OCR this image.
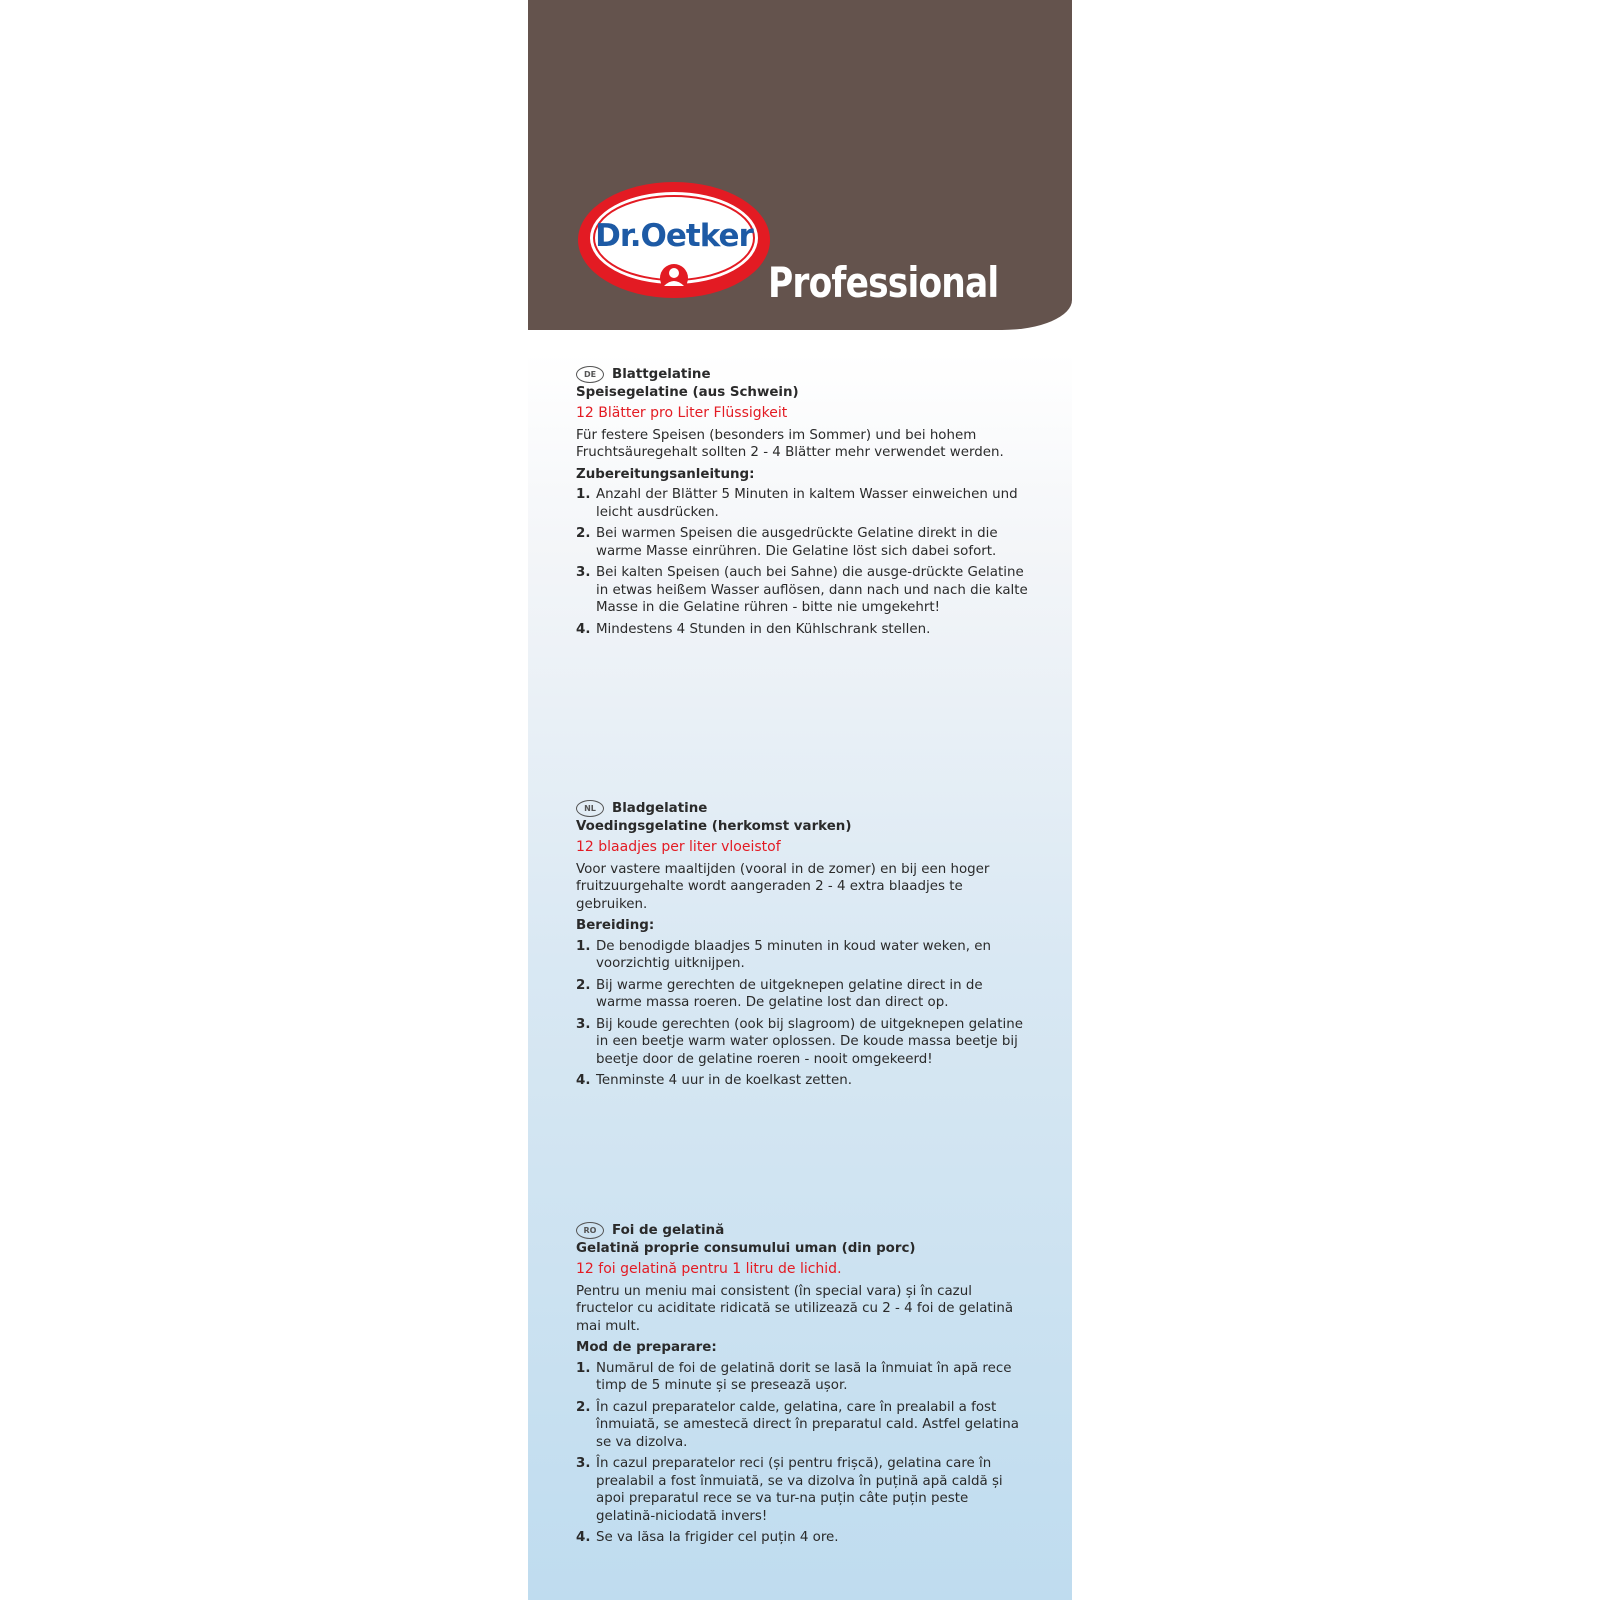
Dr.Oetker
Professional
DE	Blattgelatine
Speisegelatine (aus Schwein)
12 Blätter pro Liter Flüssigkeit
Für festere Speisen (besonders im Sommer) und bei hohem Fruchtsäuregehalt sollten 2 - 4 Blätter mehr verwendet werden.
Zubereitungsanleitung:
1. Anzahl der Blätter 5 Minuten in kaltem Wasser einweichen und leicht ausdrücken.
2. Bei warmen Speisen die ausgedrückte Gelatine direkt in die warme Masse einrühren. Die Gelatine löst sich dabei sofort.
3. Bei kalten Speisen (auch bei Sahne) die ausge-drückte Gelatine in etwas heißem Wasser auflösen, dann nach und nach die kalte Masse in die Gelatine rühren - bitte nie umgekehrt!
4. Mindestens 4 Stunden in den Kühlschrank stellen.
NL	Bladgelatine
Voedingsgelatine (herkomst varken)
12 blaadjes per liter vloeistof
Voor vastere maaltijden (vooral in de zomer) en bij een hoger fruitzuurgehalte wordt aangeraden 2 - 4 extra blaadjes te gebruiken.
Bereiding:
1. De benodigde blaadjes 5 minuten in koud water weken, en voorzichtig uitknijpen.
2. Bij warme gerechten de uitgeknepen gelatine direct in de warme massa roeren. De gelatine lost dan direct op.
3. Bij koude gerechten (ook bij slagroom) de uitgeknepen gelatine in een beetje warm water oplossen. De koude massa beetje bij beetje door de gelatine roeren - nooit omgekeerd!
4. Tenminste 4 uur in de koelkast zetten.
RO	Foi de gelatină
Gelatină proprie consumului uman (din porc)
12 foi gelatină pentru 1 litru de lichid.
Pentru un meniu mai consistent (în special vara) și în cazul fructelor cu aciditate ridicată se utilizează cu 2 - 4 foi de gelatină mai mult.
Mod de preparare:
1. Numărul de foi de gelatină dorit se lasă la înmuiat în apă rece timp de 5 minute și se presează ușor.
2. În cazul preparatelor calde, gelatina, care în prealabil a fost înmuiată, se amestecă direct în preparatul cald. Astfel gelatina se va dizolva.
3. În cazul preparatelor reci (și pentru frișcă), gelatina care în prealabil a fost înmuiată, se va dizolva în puțină apă caldă și apoi preparatul rece se va tur-na puțin câte puțin peste gelatină-niciodată invers!
4. Se va lăsa la frigider cel puțin 4 ore.
